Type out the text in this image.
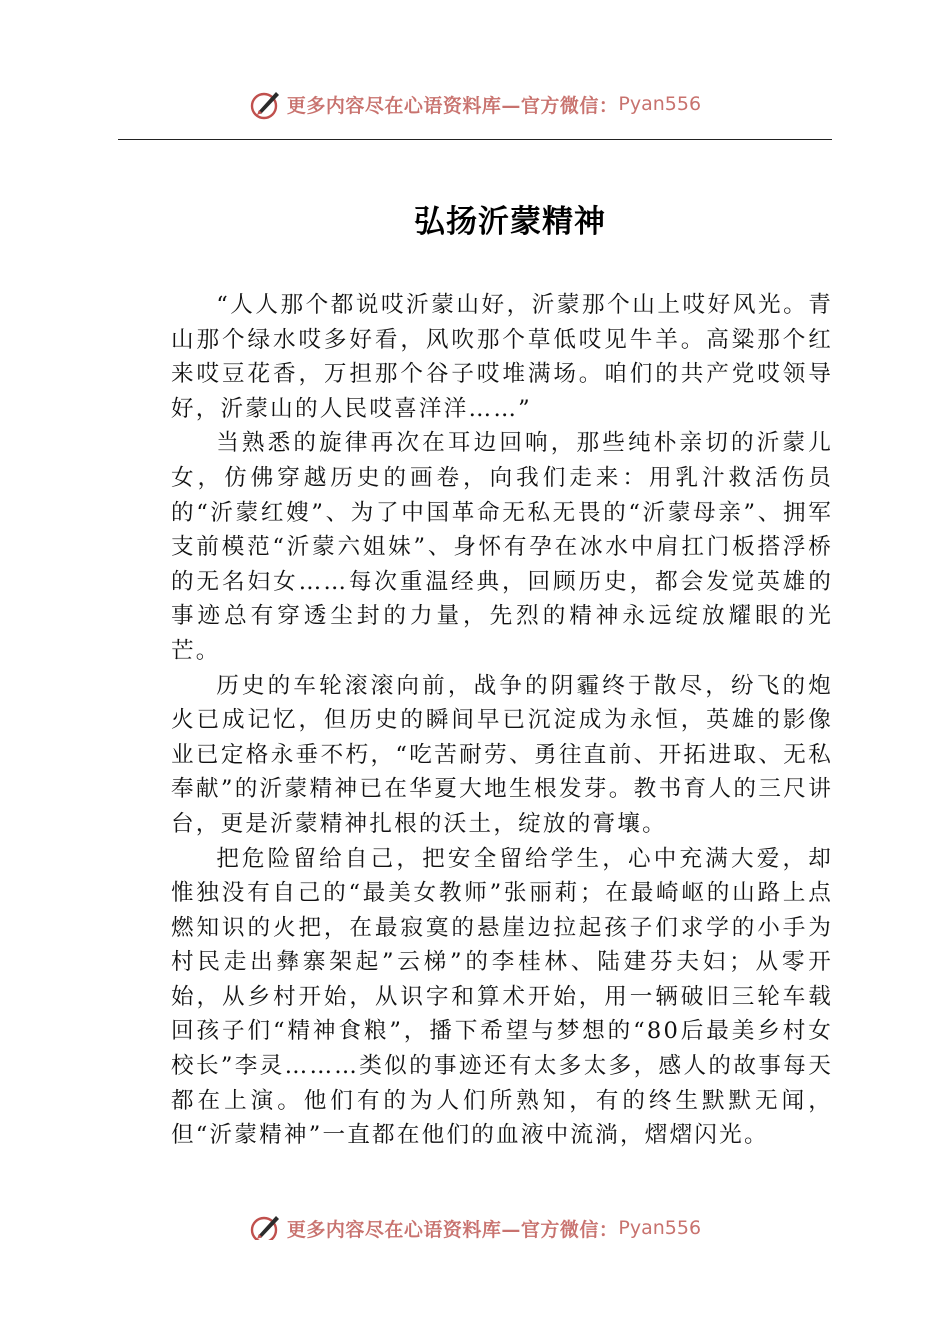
更多内容尽在心语资料库—官方微信： Pyan556
弘扬沂蒙精神

“人人那个都说哎沂蒙山好，沂蒙那个山上哎好风光。青山那个绿水哎多好看，风吹那个草低哎见牛羊。高粱那个红来哎豆花香，万担那个谷子哎堆满场。咱们的共产党哎领导好，沂蒙山的人民哎喜洋洋……”

当熟悉的旋律再次在耳边回响，那些纯朴亲切的沂蒙儿女，仿佛穿越历史的画卷，向我们走来：用乳汁救活伤员的“沂蒙红嫂”、为了中国革命无私无畏的“沂蒙母亲”、拥军支前模范“沂蒙六姐妹”、身怀有孕在冰水中肩扛门板搭浮桥的无名妇女……每次重温经典，回顾历史，都会发觉英雄的事迹总有穿透尘封的力量，先烈的精神永远绽放耀眼的光芒。

历史的车轮滚滚向前，战争的阴霾终于散尽，纷飞的炮火已成记忆，但历史的瞬间早已沉淀成为永恒，英雄的影像业已定格永垂不朽，“吃苦耐劳、勇往直前、开拓进取、无私奉献”的沂蒙精神已在华夏大地生根发芽。教书育人的三尺讲台，更是沂蒙精神扎根的沃土，绽放的膏壤。

把危险留给自己，把安全留给学生，心中充满大爱，却惟独没有自己的“最美女教师”张丽莉；在最崎岖的山路上点燃知识的火把，在最寂寞的悬崖边拉起孩子们求学的小手为村民走出彝寨架起”云梯”的李桂林、陆建芬夫妇；从零开始，从乡村开始，从识字和算术开始，用一辆破旧三轮车载回孩子们“精神食粮”，播下希望与梦想的“80后最美乡村女校长”李灵………类似的事迹还有太多太多，感人的故事每天都在上演。他们有的为人们所熟知，有的终生默默无闻，但“沂蒙精神”一直都在他们的血液中流淌，熠熠闪光。

更多内容尽在心语资料库—官方微信： Pyan556
